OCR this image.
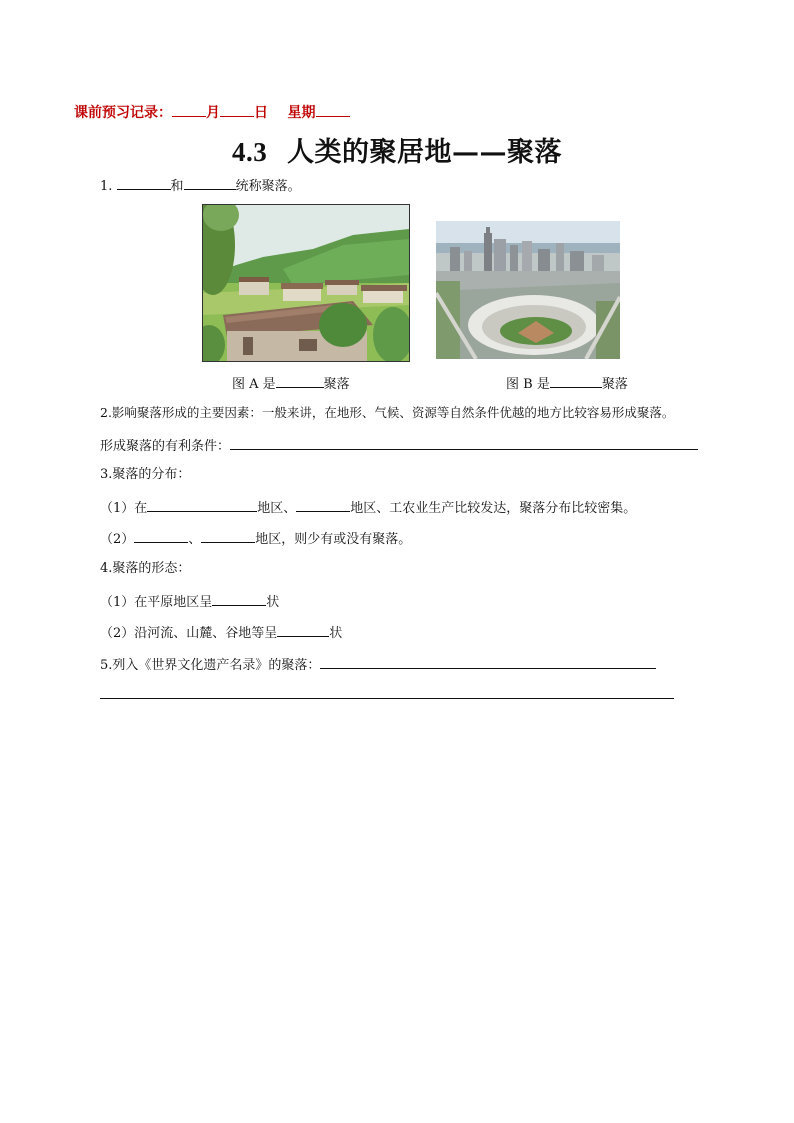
课前预习记录： 月 日 星期
4.3 人类的聚居地——聚落
1.	和	统称聚落。
图 A 是	聚落	图 B 是	聚落
2.影响聚落形成的主要因素：一般来讲，在地形、气候、资源等自然条件优越的地方比较容易形成聚落。
形成聚落的有利条件：
3.聚落的分布：
（1）在	地区、	地区、工农业生产比较发达，聚落分布比较密集。
（2）	、	地区，则少有或没有聚落。
4.聚落的形态：
（1）在平原地区呈	状
（2）沿河流、山麓、谷地等呈	状
5.列入《世界文化遗产名录》的聚落：
